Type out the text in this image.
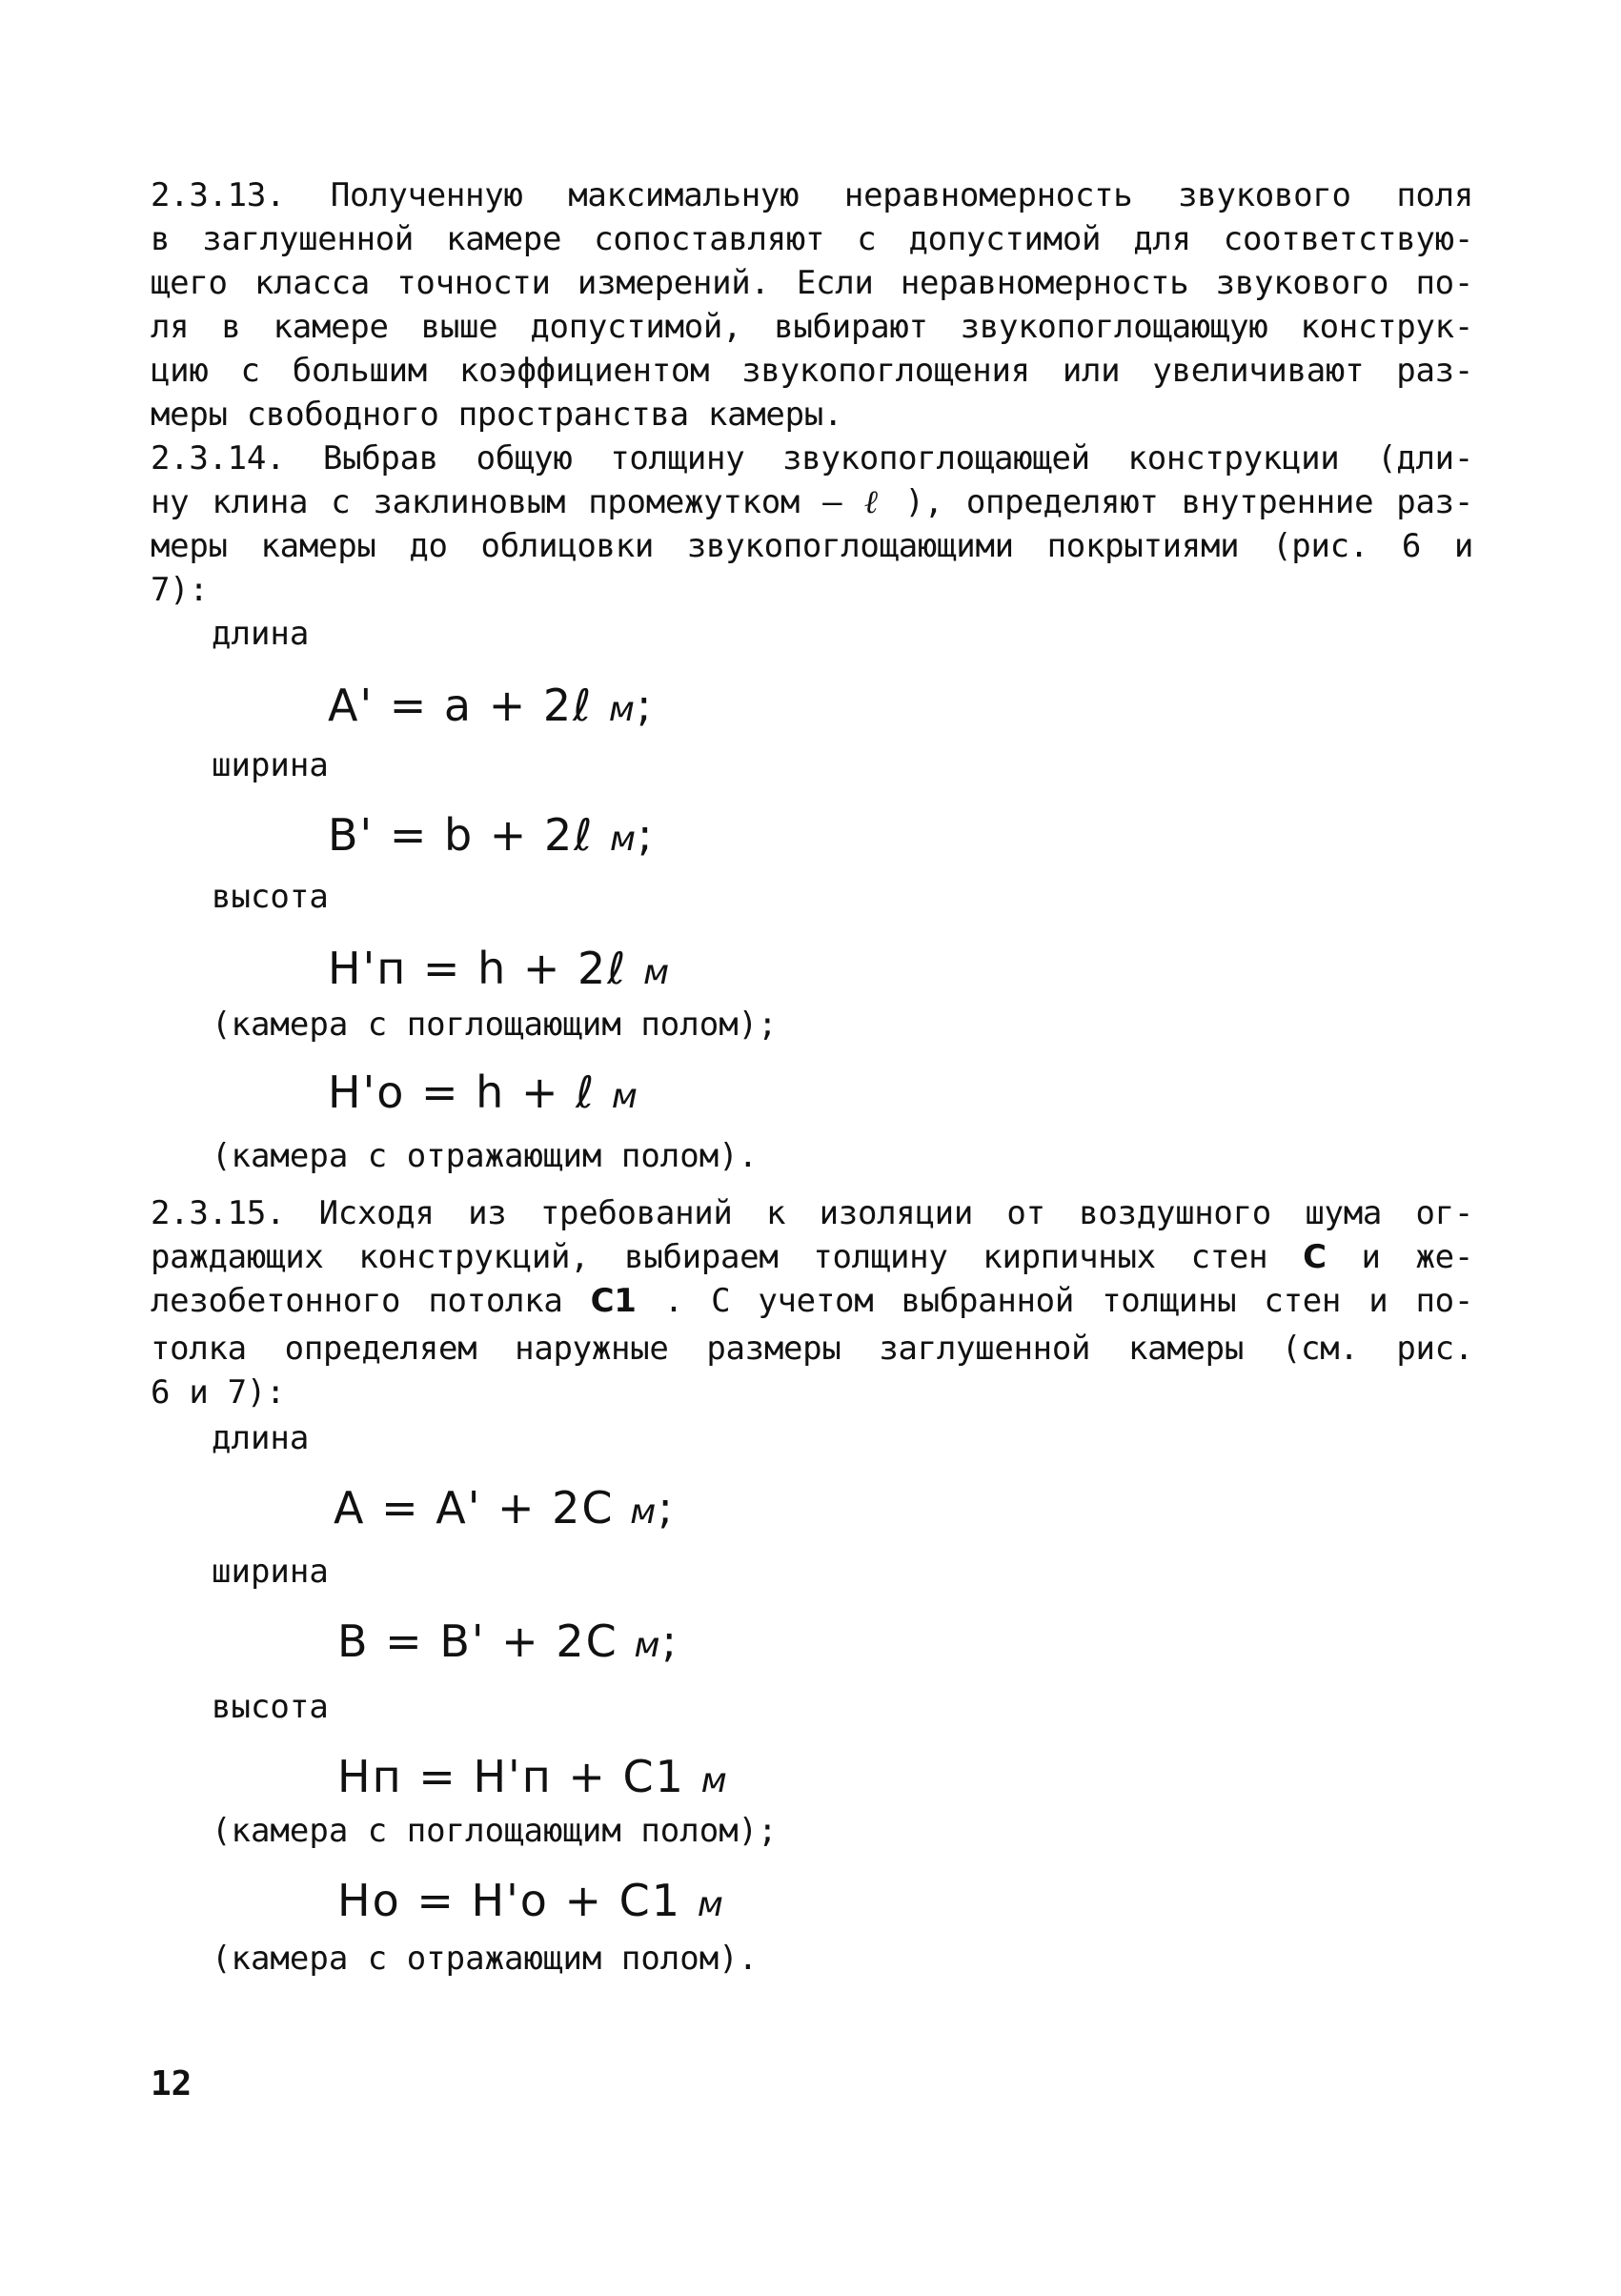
2.3.13. Полученную максимальную неравномерность звукового поля

в заглушенной камере сопоставляют с допустимой для соответствую-

щего класса точности измерений. Если неравномерность звукового по-

ля в камере выше допустимой, выбирают звукопоглощающую конструк-

цию с большим коэффициентом звукопоглощения или увеличивают раз-

меры свободного пространства камеры.

2.3.14. Выбрав общую толщину звукопоглощающей конструкции (дли-

ну клина с заклиновым промежутком – ℓ ), определяют внутренние раз-

меры камеры до облицовки звукопоглощающими покрытиями (рис. 6 и

7):

длина

A' = a + 2ℓ м;

ширина

B' = b + 2ℓ м;

высота

H'п = h + 2ℓ м

(камера с поглощающим полом);

H'o = h + ℓ м

(камера с отражающим полом).

2.3.15. Исходя из требований к изоляции от воздушного шума ог-

раждающих конструкций, выбираем толщину кирпичных стен C и же-

лезобетонного потолка C1 . С учетом выбранной толщины стен и по-

толка определяем наружные размеры заглушенной камеры (см. рис.

6 и 7):

длина

A = A' + 2C м;

ширина

B = B' + 2C м;

высота

Hп = H'п + C1 м

(камера с поглощающим полом);

Ho = H'o + C1 м

(камера с отражающим полом).

12
